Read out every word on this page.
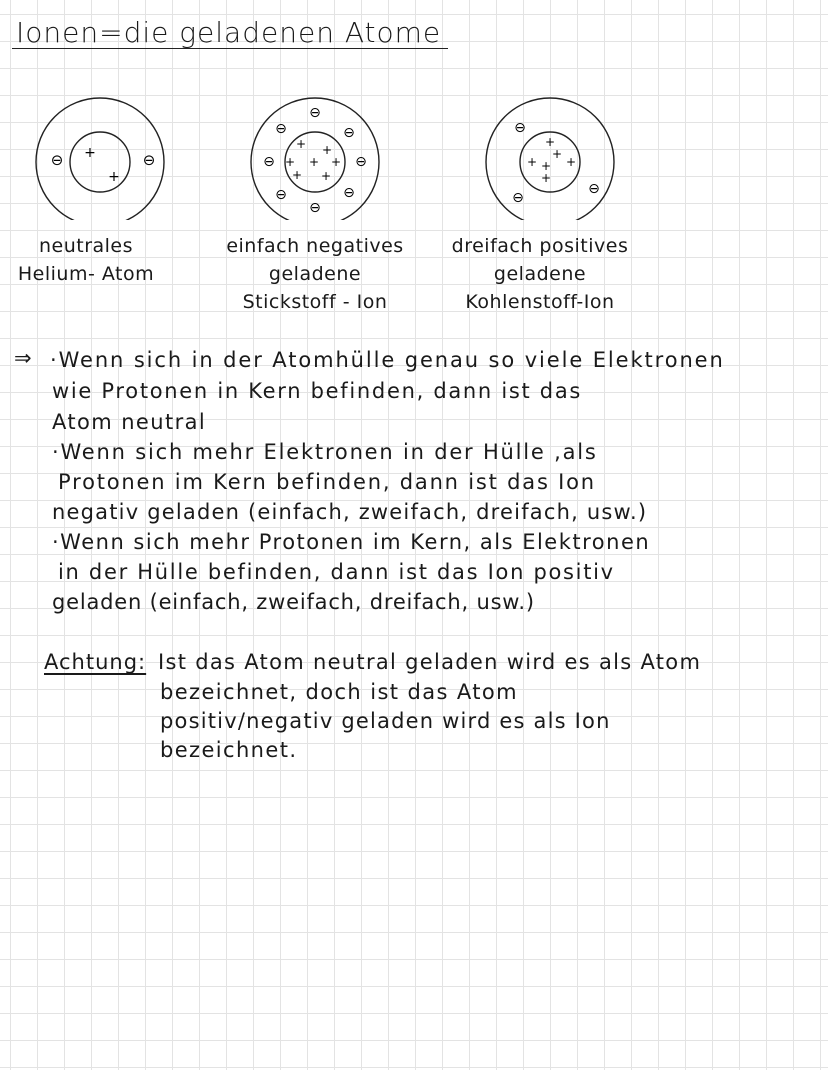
Ionen=die geladenen Atome
+
+
⊖	⊖
+ +
+ + +
+ +
⊖
⊖	⊖
⊖	⊖
⊖	⊖
⊖
+
+
+ + +
+
⊖
⊖
⊖
neutrales
Helium- Atom
einfach negatives
geladene
Stickstoff - Ion
dreifach positives
geladene
Kohlenstoff-Ion
⇒ ·Wenn sich in der Atomhülle genau so viele Elektronen
wie Protonen in Kern befinden, dann ist das
Atom neutral
·Wenn sich mehr Elektronen in der Hülle ,als
Protonen im Kern befinden, dann ist das Ion
negativ geladen (einfach, zweifach, dreifach, usw.)
·Wenn sich mehr Protonen im Kern, als Elektronen
in der Hülle befinden, dann ist das Ion positiv
geladen (einfach, zweifach, dreifach, usw.)
Achtung: Ist das Atom neutral geladen wird es als Atom
bezeichnet, doch ist das Atom
positiv/negativ geladen wird es als Ion
bezeichnet.
